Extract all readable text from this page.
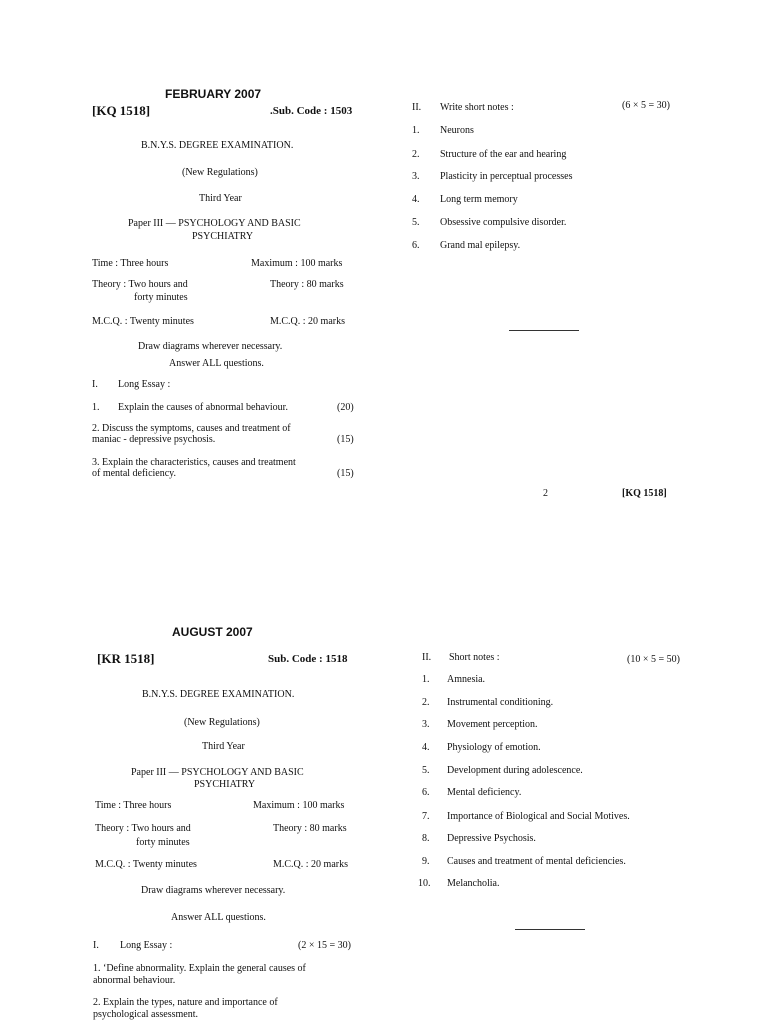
FEBRUARY 2007
[KQ 1518]	.Sub. Code : 1503
B.N.Y.S. DEGREE EXAMINATION.
(New Regulations)
Third Year
Paper III — PSYCHOLOGY AND BASIC
PSYCHIATRY
Time : Three hours	Maximum : 100 marks
Theory : Two hours and
forty minutes
Theory : 80 marks
M.C.Q. : Twenty minutes	M.C.Q. : 20 marks
Draw diagrams wherever necessary.
Answer ALL questions.
I. Long Essay :
1. Explain the causes of abnormal behaviour.	(20)
2. Discuss the symptoms, causes and treatment of
maniac - depressive psychosis.	(15)
3. Explain the characteristics, causes and treatment
of mental deficiency.	(15)
II. Write short notes :	(6 × 5 = 30)
1. Neurons
2. Structure of the ear and hearing
3. Plasticity in perceptual processes
4. Long term memory
5. Obsessive compulsive disorder.
6. Grand mal epilepsy.
2	[KQ 1518]
AUGUST 2007
[KR 1518]	Sub. Code : 1518
B.N.Y.S. DEGREE EXAMINATION.
(New Regulations)
Third Year
Paper III — PSYCHOLOGY AND BASIC
PSYCHIATRY
Time : Three hours	Maximum : 100 marks
Theory : Two hours and
forty minutes
Theory : 80 marks
M.C.Q. : Twenty minutes	M.C.Q. : 20 marks
Draw diagrams wherever necessary.
Answer ALL questions.
I. Long Essay :	(2 × 15 = 30)
1. ‘Define abnormality. Explain the general causes of
abnormal behaviour.
2. Explain the types, nature and importance of
psychological assessment.
II. Short notes :	(10 × 5 = 50)
1. Amnesia.
2. Instrumental conditioning.
3. Movement perception.
4. Physiology of emotion.
5. Development during adolescence.
6. Mental deficiency.
7. Importance of Biological and Social Motives.
8. Depressive Psychosis.
9. Causes and treatment of mental deficiencies.
10. Melancholia.
